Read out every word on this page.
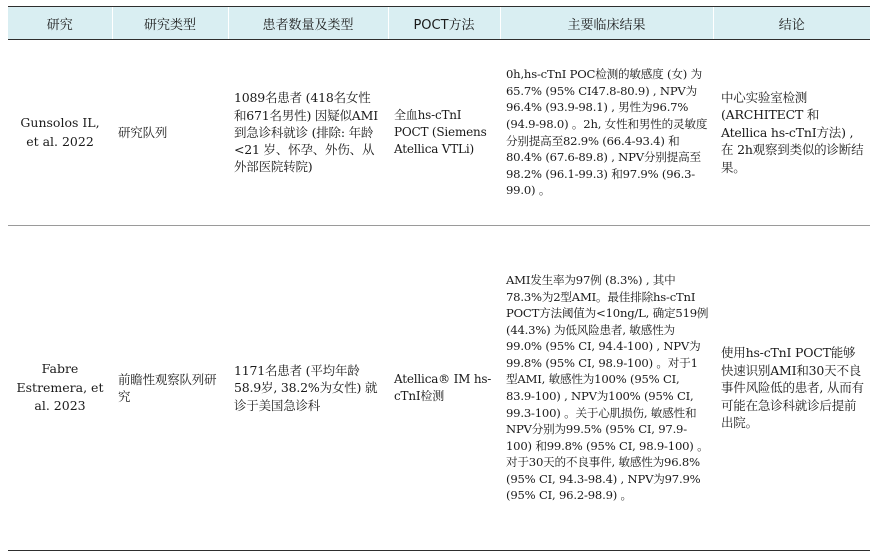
研究	研究类型	患者数量及类型	POCT方法	主要临床结果	结论
Gunsolos IL, et al. 2022	研究队列	1089名患者 (418名女性和671名男性) 因疑似AMI到急诊科就诊 (排除: 年龄<21 岁、怀孕、外伤、从外部医院转院)	全血hs-cTnI POCT (Siemens Atellica VTLi)	0h,hs-cTnI POC检测的敏感度 (女) 为65.7% (95% CI47.8-80.9) , NPV为96.4% (93.9-98.1) , 男性为96.7% (94.9-98.0) 。2h, 女性和男性的灵敏度分别提高至82.9% (66.4-93.4) 和80.4% (67.6-89.8) , NPV分别提高至98.2% (96.1-99.3) 和97.9% (96.3- 99.0) 。	中心实验室检测 (ARCHITECT 和 Atellica hs-cTnI方法) , 在 2h观察到类似的诊断结果。
Fabre Estremera, et al. 2023	前瞻性观察队列研究	1171名患者 (平均年龄58.9岁, 38.2%为女性) 就诊于美国急诊科	Atellica® IM hs-cTnI检测	AMI发生率为97例 (8.3%) , 其中78.3%为2型AMI。最佳排除hs-cTnI POCT方法阈值为<10ng/L, 确定519例 (44.3%) 为低风险患者, 敏感性为99.0% (95% CI, 94.4-100) , NPV为99.8% (95% CI, 98.9-100) 。对于1型AMI, 敏感性为100% (95% CI, 83.9-100) , NPV为100% (95% CI, 99.3-100) 。关于心肌损伤, 敏感性和NPV分别为99.5% (95% CI, 97.9-100) 和99.8% (95% CI, 98.9-100) 。对于30天的不良事件, 敏感性为96.8% (95% CI, 94.3-98.4) , NPV为97.9% (95% CI, 96.2-98.9) 。	使用hs-cTnI POCT能够快速识别AMI和30天不良事件风险低的患者, 从而有可能在急诊科就诊后提前出院。
